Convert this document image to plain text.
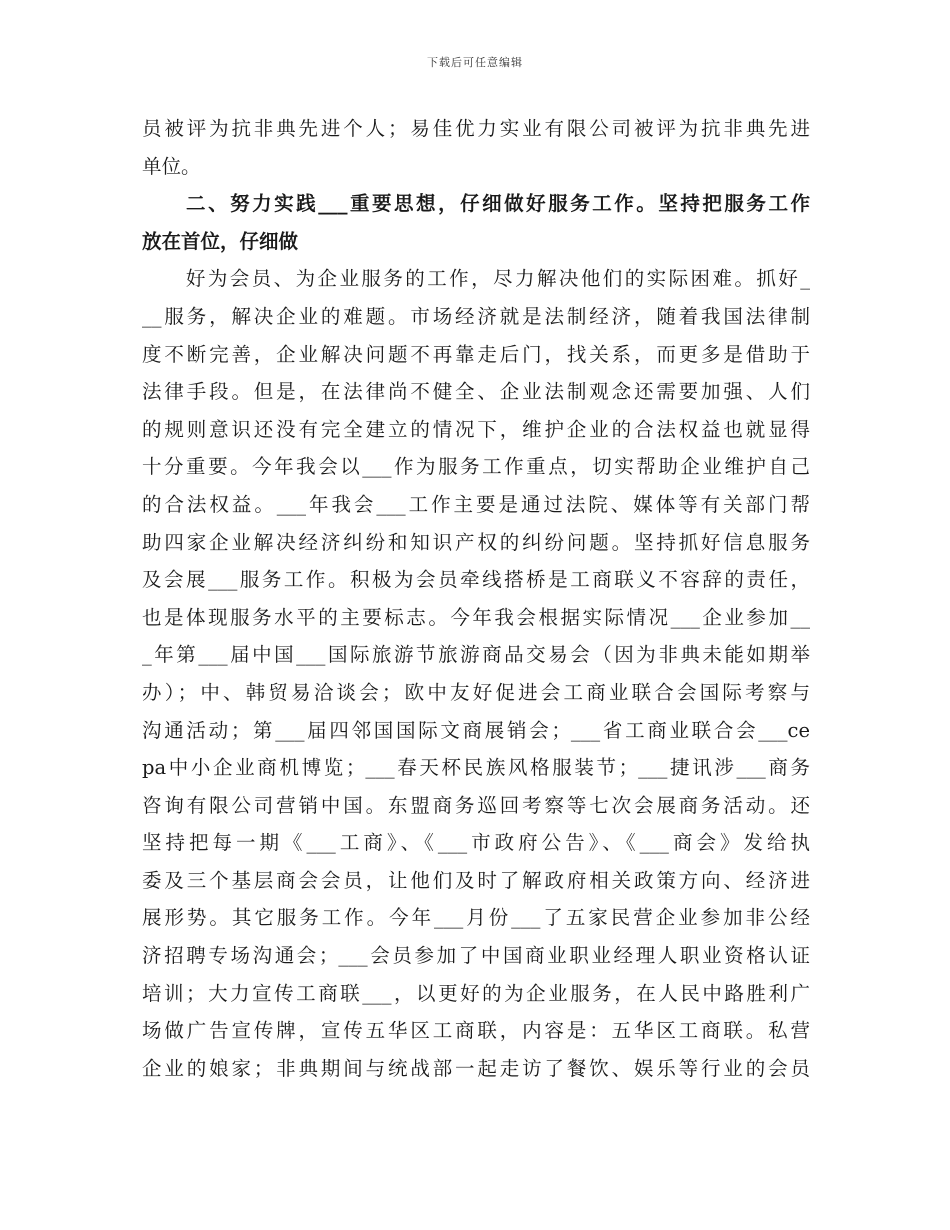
下载后可任意编辑
员被评为抗非典先进个人；易佳优力实业有限公司被评为抗非典先进
单位。
　　二、努力实践___重要思想，仔细做好服务工作。坚持把服务工作
放在首位，仔细做
　　好为会员、为企业服务的工作，尽力解决他们的实际困难。抓好_
__服务，解决企业的难题。市场经济就是法制经济，随着我国法律制
度不断完善，企业解决问题不再靠走后门，找关系，而更多是借助于
法律手段。但是，在法律尚不健全、企业法制观念还需要加强、人们
的规则意识还没有完全建立的情况下，维护企业的合法权益也就显得
十分重要。今年我会以___作为服务工作重点，切实帮助企业维护自己
的合法权益。___年我会___工作主要是通过法院、媒体等有关部门帮
助四家企业解决经济纠纷和知识产权的纠纷问题。坚持抓好信息服务
及会展___服务工作。积极为会员牵线搭桥是工商联义不容辞的责任，
也是体现服务水平的主要标志。今年我会根据实际情况___企业参加__
_年第___届中国___国际旅游节旅游商品交易会（因为非典未能如期举
办）；中、韩贸易洽谈会；欧中友好促进会工商业联合会国际考察与
沟通活动；第___届四邻国国际文商展销会；___省工商业联合会___ce
pa中小企业商机博览；___春天杯民族风格服装节；___捷讯涉___商务
咨询有限公司营销中国。东盟商务巡回考察等七次会展商务活动。还
坚持把每一期《___工商》、《___市政府公告》、《___商会》发给执
委及三个基层商会会员，让他们及时了解政府相关政策方向、经济进
展形势。其它服务工作。今年___月份___了五家民营企业参加非公经
济招聘专场沟通会；___会员参加了中国商业职业经理人职业资格认证
培训；大力宣传工商联___，以更好的为企业服务，在人民中路胜利广
场做广告宣传牌，宣传五华区工商联，内容是：五华区工商联。私营
企业的娘家；非典期间与统战部一起走访了餐饮、娱乐等行业的会员
